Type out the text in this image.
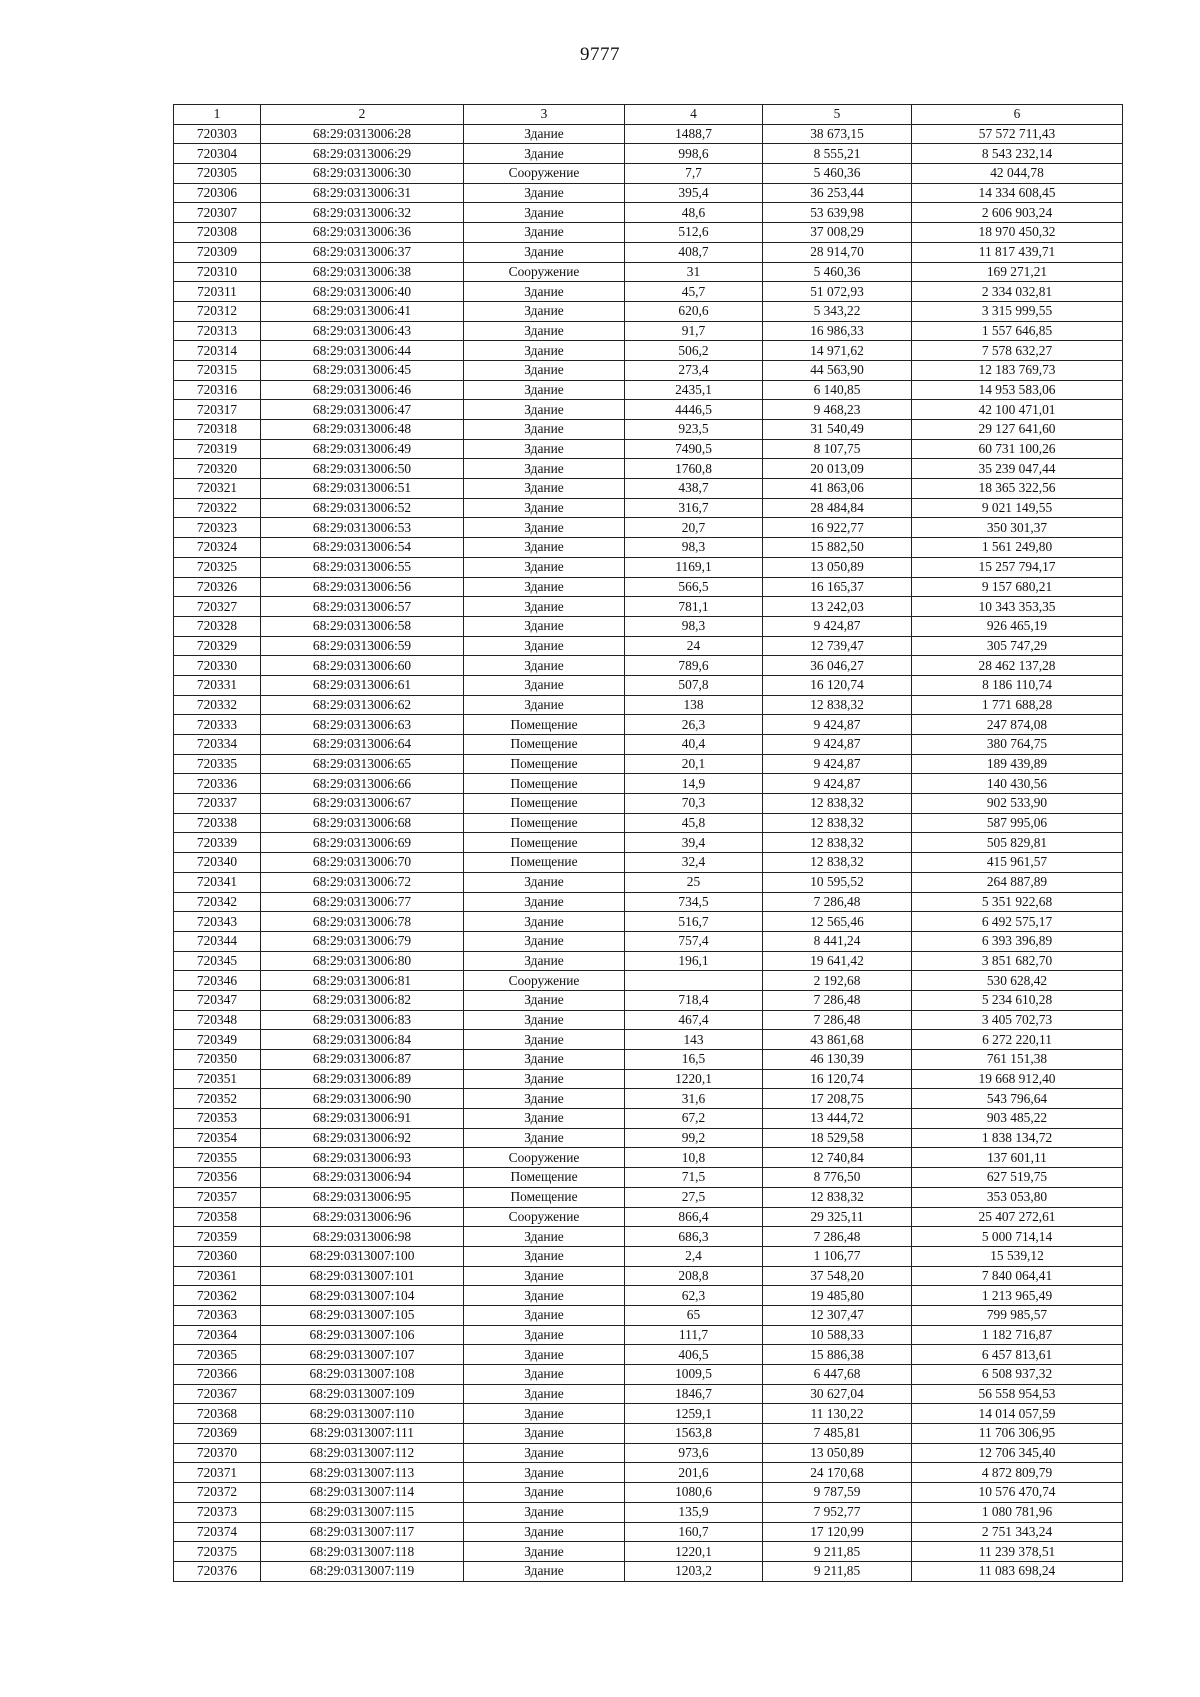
9777
1	2	3	4	5	6
720303	68:29:0313006:28	Здание	1488,7	38 673,15	57 572 711,43
720304	68:29:0313006:29	Здание	998,6	8 555,21	8 543 232,14
720305	68:29:0313006:30	Сооружение	7,7	5 460,36	42 044,78
720306	68:29:0313006:31	Здание	395,4	36 253,44	14 334 608,45
720307	68:29:0313006:32	Здание	48,6	53 639,98	2 606 903,24
720308	68:29:0313006:36	Здание	512,6	37 008,29	18 970 450,32
720309	68:29:0313006:37	Здание	408,7	28 914,70	11 817 439,71
720310	68:29:0313006:38	Сооружение	31	5 460,36	169 271,21
720311	68:29:0313006:40	Здание	45,7	51 072,93	2 334 032,81
720312	68:29:0313006:41	Здание	620,6	5 343,22	3 315 999,55
720313	68:29:0313006:43	Здание	91,7	16 986,33	1 557 646,85
720314	68:29:0313006:44	Здание	506,2	14 971,62	7 578 632,27
720315	68:29:0313006:45	Здание	273,4	44 563,90	12 183 769,73
720316	68:29:0313006:46	Здание	2435,1	6 140,85	14 953 583,06
720317	68:29:0313006:47	Здание	4446,5	9 468,23	42 100 471,01
720318	68:29:0313006:48	Здание	923,5	31 540,49	29 127 641,60
720319	68:29:0313006:49	Здание	7490,5	8 107,75	60 731 100,26
720320	68:29:0313006:50	Здание	1760,8	20 013,09	35 239 047,44
720321	68:29:0313006:51	Здание	438,7	41 863,06	18 365 322,56
720322	68:29:0313006:52	Здание	316,7	28 484,84	9 021 149,55
720323	68:29:0313006:53	Здание	20,7	16 922,77	350 301,37
720324	68:29:0313006:54	Здание	98,3	15 882,50	1 561 249,80
720325	68:29:0313006:55	Здание	1169,1	13 050,89	15 257 794,17
720326	68:29:0313006:56	Здание	566,5	16 165,37	9 157 680,21
720327	68:29:0313006:57	Здание	781,1	13 242,03	10 343 353,35
720328	68:29:0313006:58	Здание	98,3	9 424,87	926 465,19
720329	68:29:0313006:59	Здание	24	12 739,47	305 747,29
720330	68:29:0313006:60	Здание	789,6	36 046,27	28 462 137,28
720331	68:29:0313006:61	Здание	507,8	16 120,74	8 186 110,74
720332	68:29:0313006:62	Здание	138	12 838,32	1 771 688,28
720333	68:29:0313006:63	Помещение	26,3	9 424,87	247 874,08
720334	68:29:0313006:64	Помещение	40,4	9 424,87	380 764,75
720335	68:29:0313006:65	Помещение	20,1	9 424,87	189 439,89
720336	68:29:0313006:66	Помещение	14,9	9 424,87	140 430,56
720337	68:29:0313006:67	Помещение	70,3	12 838,32	902 533,90
720338	68:29:0313006:68	Помещение	45,8	12 838,32	587 995,06
720339	68:29:0313006:69	Помещение	39,4	12 838,32	505 829,81
720340	68:29:0313006:70	Помещение	32,4	12 838,32	415 961,57
720341	68:29:0313006:72	Здание	25	10 595,52	264 887,89
720342	68:29:0313006:77	Здание	734,5	7 286,48	5 351 922,68
720343	68:29:0313006:78	Здание	516,7	12 565,46	6 492 575,17
720344	68:29:0313006:79	Здание	757,4	8 441,24	6 393 396,89
720345	68:29:0313006:80	Здание	196,1	19 641,42	3 851 682,70
720346	68:29:0313006:81	Сооружение		2 192,68	530 628,42
720347	68:29:0313006:82	Здание	718,4	7 286,48	5 234 610,28
720348	68:29:0313006:83	Здание	467,4	7 286,48	3 405 702,73
720349	68:29:0313006:84	Здание	143	43 861,68	6 272 220,11
720350	68:29:0313006:87	Здание	16,5	46 130,39	761 151,38
720351	68:29:0313006:89	Здание	1220,1	16 120,74	19 668 912,40
720352	68:29:0313006:90	Здание	31,6	17 208,75	543 796,64
720353	68:29:0313006:91	Здание	67,2	13 444,72	903 485,22
720354	68:29:0313006:92	Здание	99,2	18 529,58	1 838 134,72
720355	68:29:0313006:93	Сооружение	10,8	12 740,84	137 601,11
720356	68:29:0313006:94	Помещение	71,5	8 776,50	627 519,75
720357	68:29:0313006:95	Помещение	27,5	12 838,32	353 053,80
720358	68:29:0313006:96	Сооружение	866,4	29 325,11	25 407 272,61
720359	68:29:0313006:98	Здание	686,3	7 286,48	5 000 714,14
720360	68:29:0313007:100	Здание	2,4	1 106,77	15 539,12
720361	68:29:0313007:101	Здание	208,8	37 548,20	7 840 064,41
720362	68:29:0313007:104	Здание	62,3	19 485,80	1 213 965,49
720363	68:29:0313007:105	Здание	65	12 307,47	799 985,57
720364	68:29:0313007:106	Здание	111,7	10 588,33	1 182 716,87
720365	68:29:0313007:107	Здание	406,5	15 886,38	6 457 813,61
720366	68:29:0313007:108	Здание	1009,5	6 447,68	6 508 937,32
720367	68:29:0313007:109	Здание	1846,7	30 627,04	56 558 954,53
720368	68:29:0313007:110	Здание	1259,1	11 130,22	14 014 057,59
720369	68:29:0313007:111	Здание	1563,8	7 485,81	11 706 306,95
720370	68:29:0313007:112	Здание	973,6	13 050,89	12 706 345,40
720371	68:29:0313007:113	Здание	201,6	24 170,68	4 872 809,79
720372	68:29:0313007:114	Здание	1080,6	9 787,59	10 576 470,74
720373	68:29:0313007:115	Здание	135,9	7 952,77	1 080 781,96
720374	68:29:0313007:117	Здание	160,7	17 120,99	2 751 343,24
720375	68:29:0313007:118	Здание	1220,1	9 211,85	11 239 378,51
720376	68:29:0313007:119	Здание	1203,2	9 211,85	11 083 698,24
